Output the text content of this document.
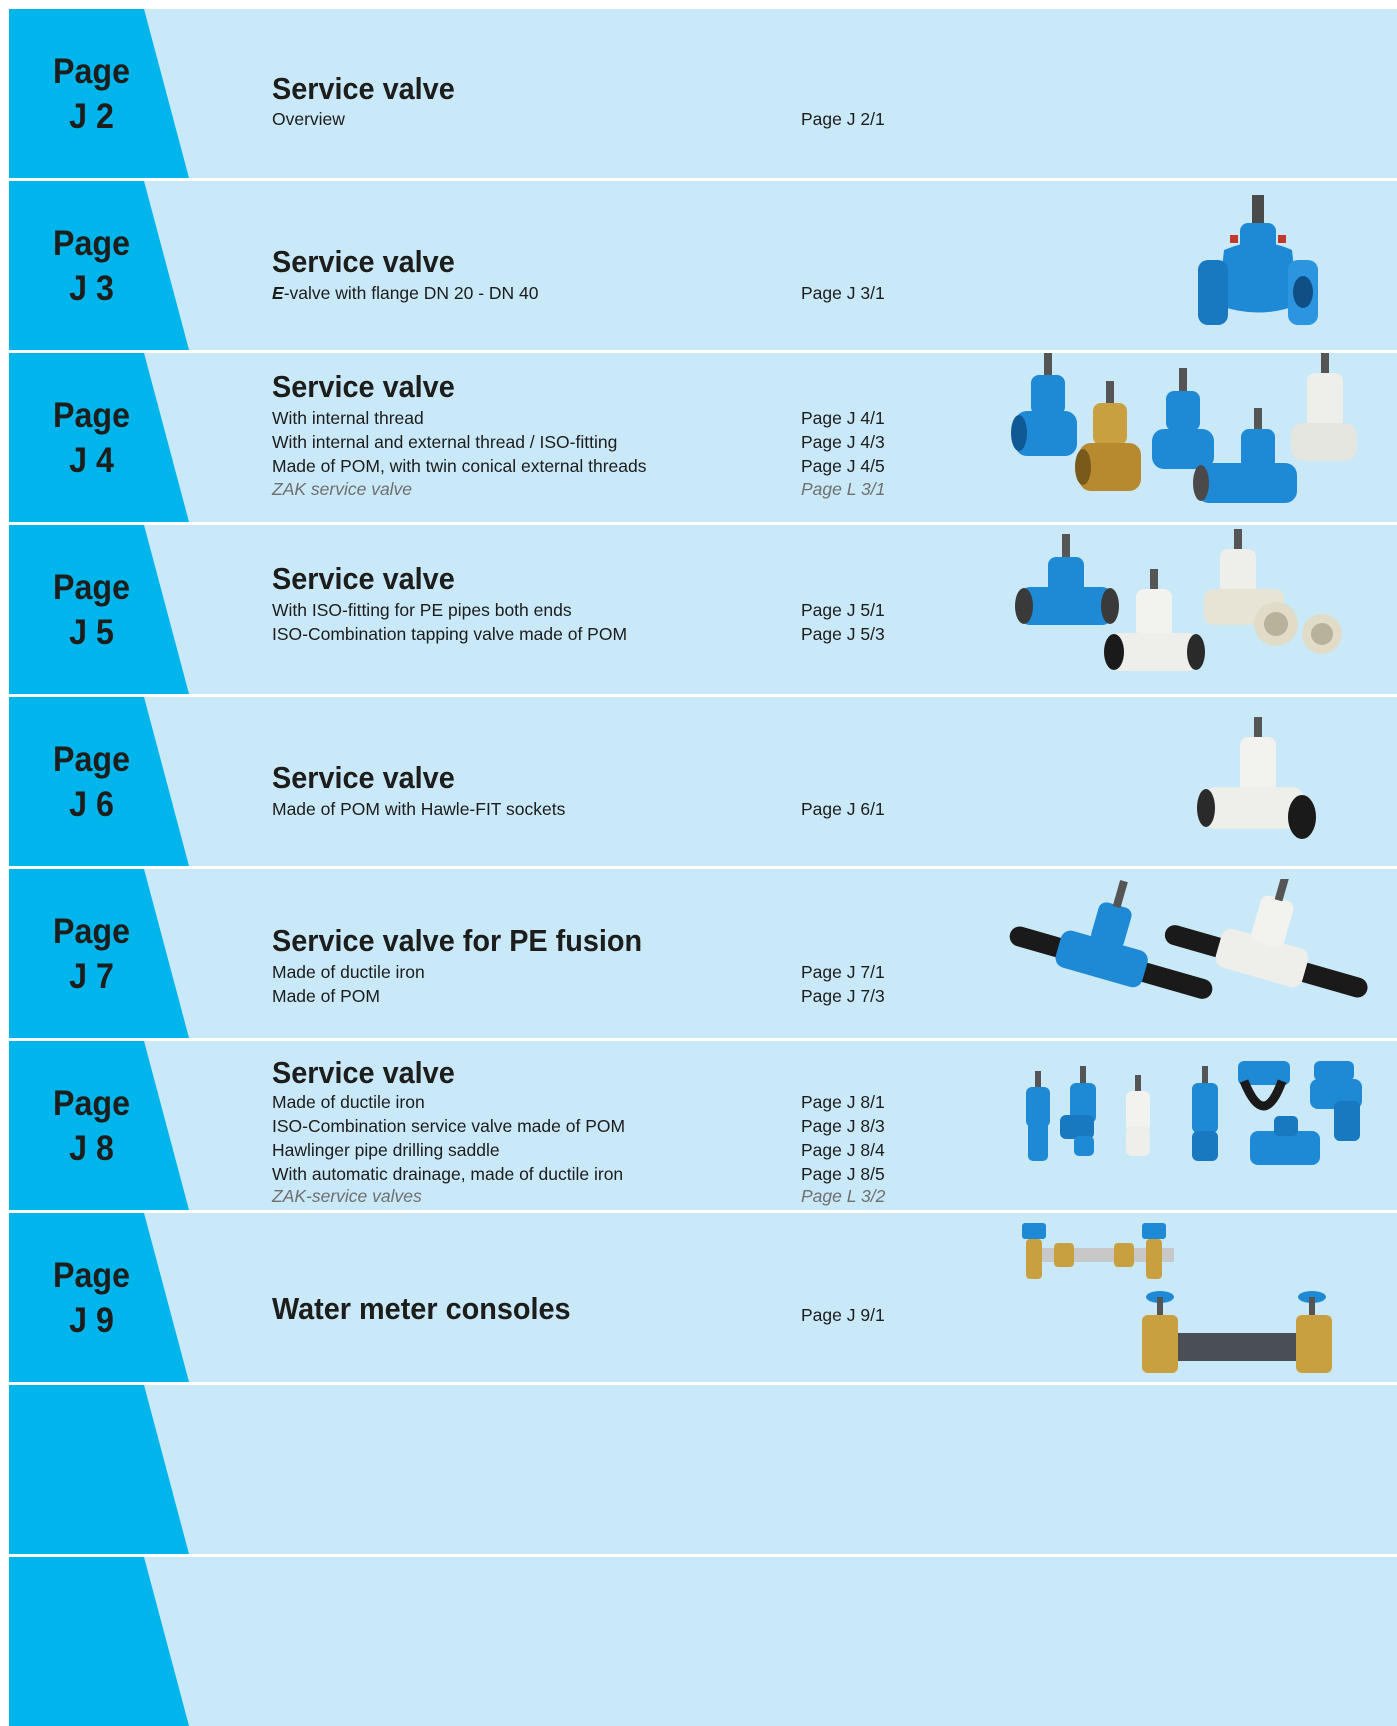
Page
J 2
Service valve
Overview	Page J 2/1
Page
J 3
Service valve
E-valve with flange DN 20 - DN 40	Page J 3/1
Page
J 4
Service valve
With internal thread	Page J 4/1
With internal and external thread / ISO-fitting	Page J 4/3
Made of POM, with twin conical external threads	Page J 4/5
ZAK service valve	Page L 3/1
Page
J 5
Service valve
With ISO-fitting for PE pipes both ends	Page J 5/1
ISO-Combination tapping valve made of POM	Page J 5/3
Page
J 6
Service valve
Made of POM with Hawle-FIT sockets	Page J 6/1
Page
J 7
Service valve for PE fusion
Made of ductile iron	Page J 7/1
Made of POM	Page J 7/3
Page
J 8
Service valve
Made of ductile iron	Page J 8/1
ISO-Combination service valve made of POM	Page J 8/3
Hawlinger pipe drilling saddle	Page J 8/4
With automatic drainage, made of ductile iron	Page J 8/5
ZAK-service valves	Page L 3/2
Page
J 9	Water meter consoles	Page J 9/1
